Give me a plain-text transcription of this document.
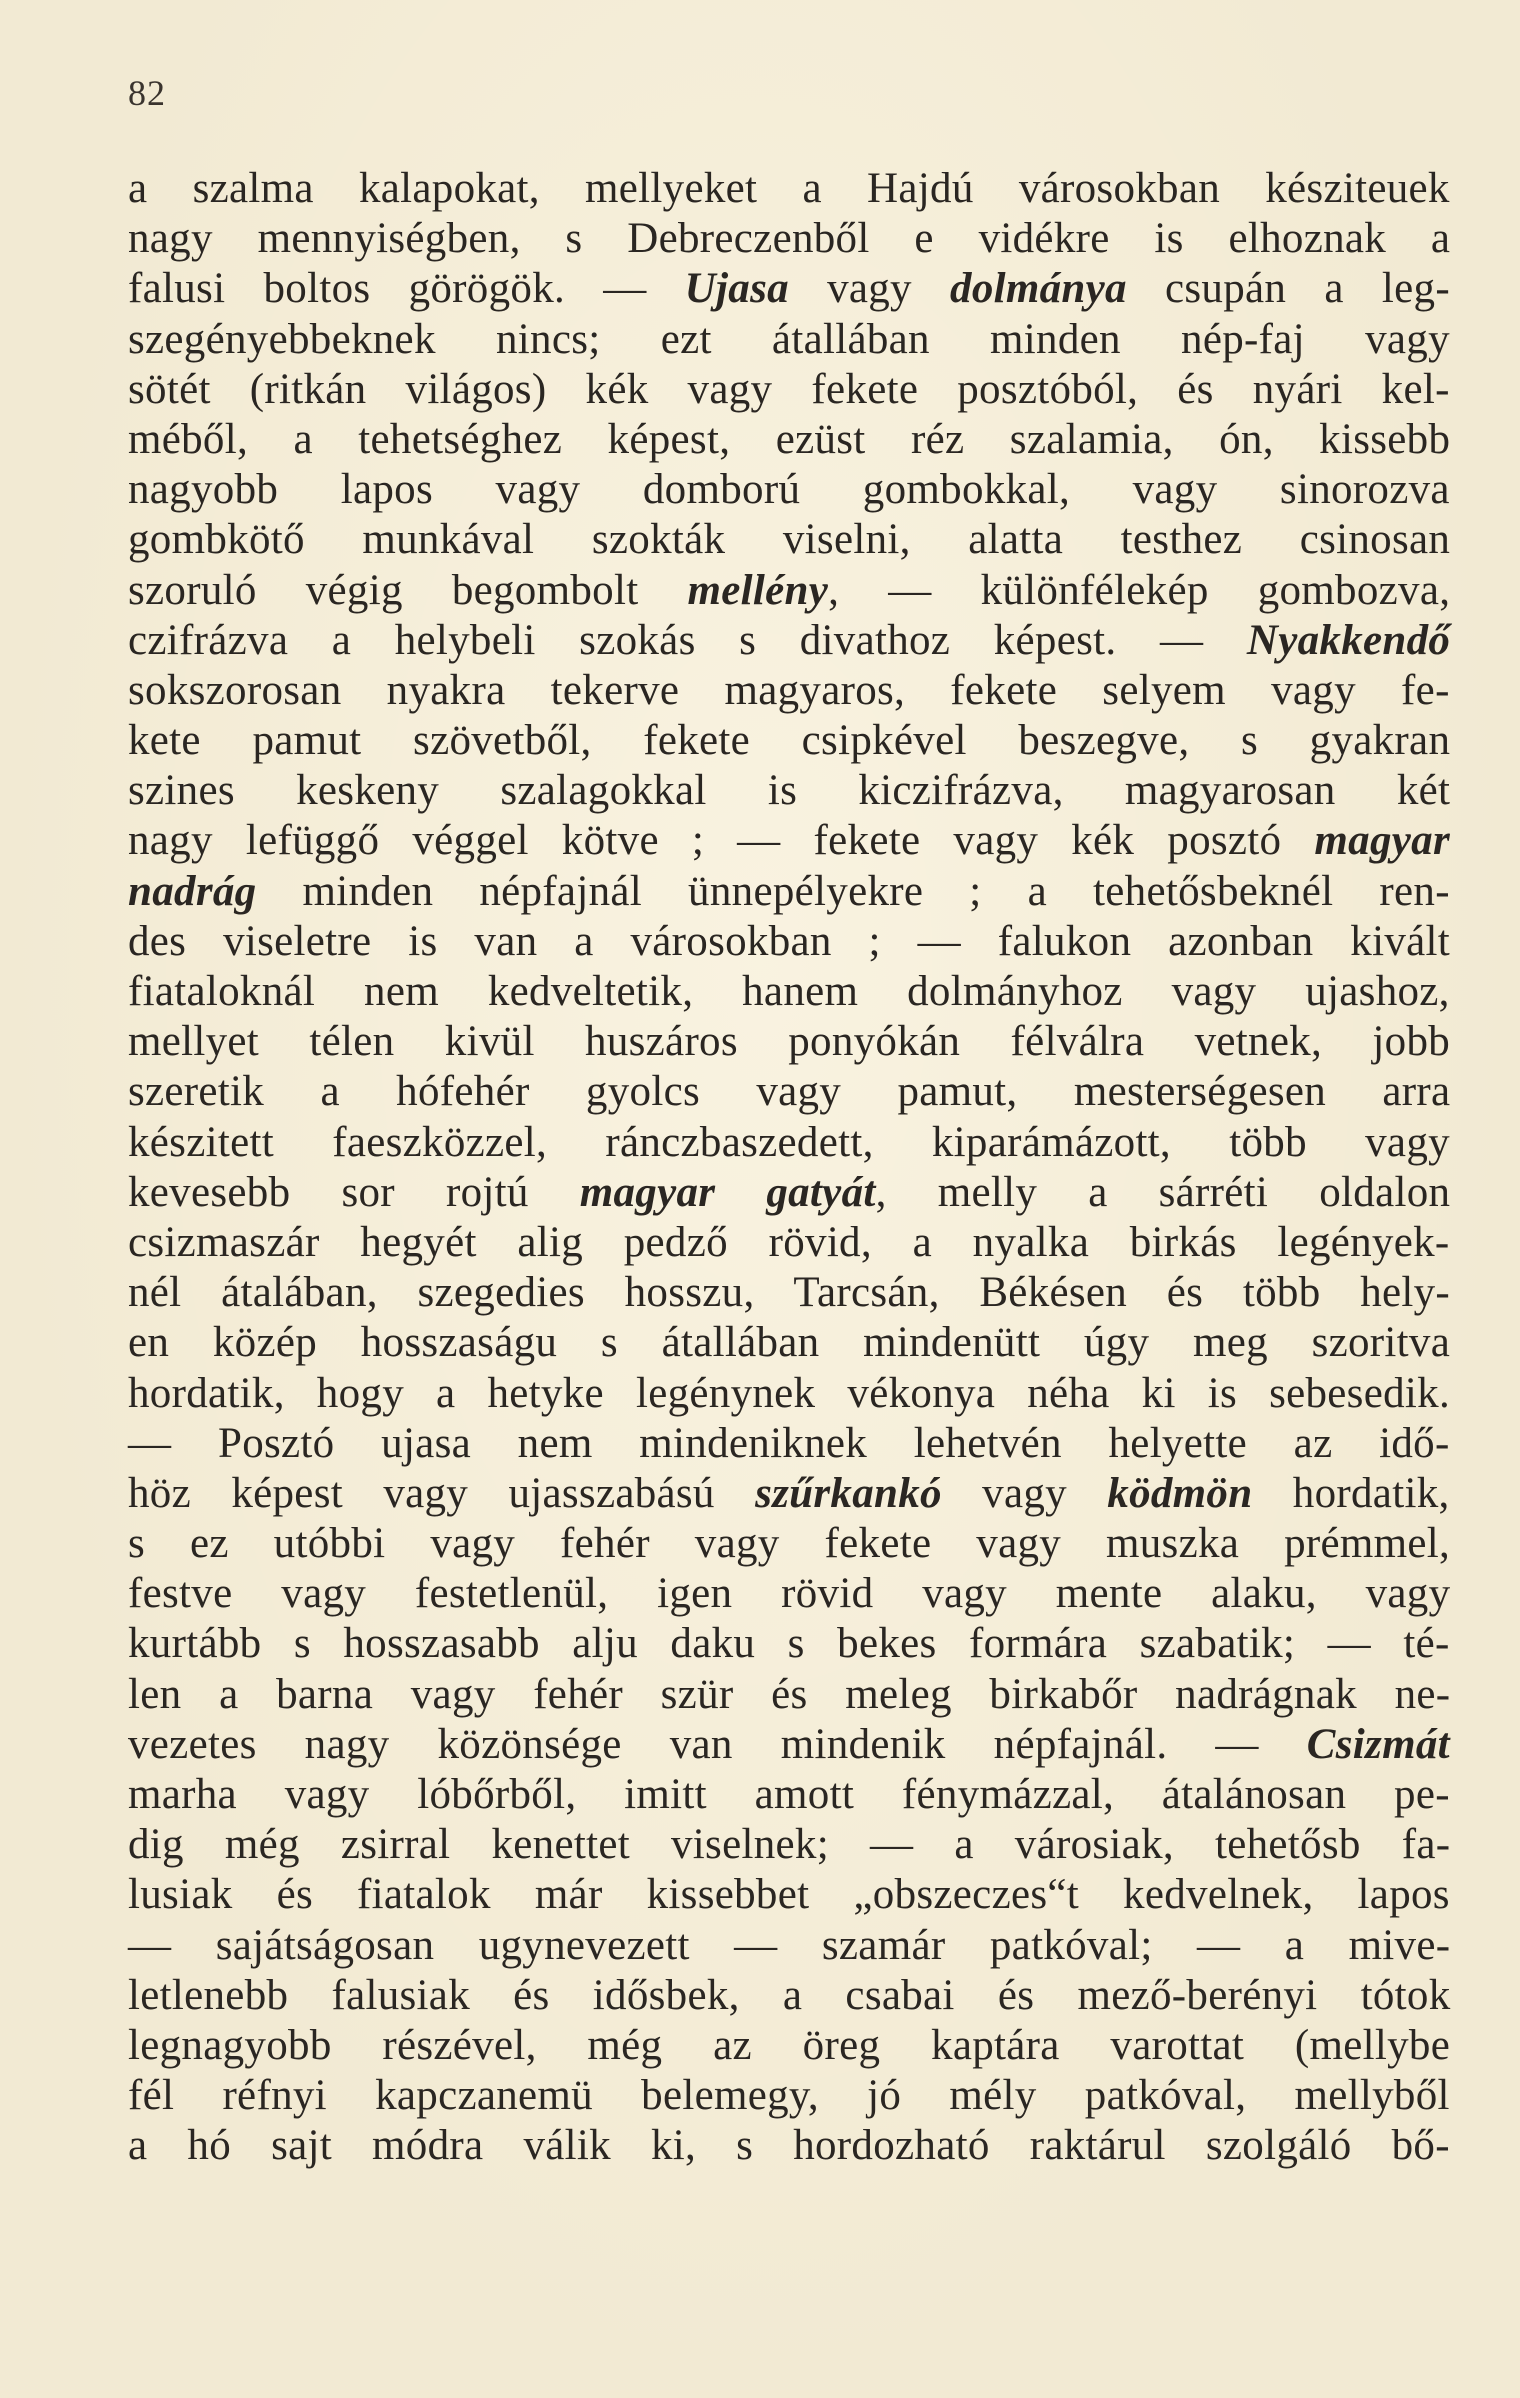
82
a szalma kalapokat, mellyeket a Hajdú városokban késziteuek
nagy mennyiségben, s Debreczenből e vidékre is elhoznak a
falusi boltos görögök. — Ujasa vagy dolmánya csupán a leg-
szegényebbeknek nincs; ezt átallában minden nép-faj vagy
sötét (ritkán világos) kék vagy fekete posztóból, és nyári kel-
méből, a tehetséghez képest, ezüst réz szalamia, ón, kissebb
nagyobb lapos vagy domború gombokkal, vagy sinorozva
gombkötő munkával szokták viselni, alatta testhez csinosan
szoruló végig begombolt mellény, — különfélekép gombozva,
czifrázva a helybeli szokás s divathoz képest. — Nyakkendő
sokszorosan nyakra tekerve magyaros, fekete selyem vagy fe-
kete pamut szövetből, fekete csipkével beszegve, s gyakran
szines keskeny szalagokkal is kiczifrázva, magyarosan két
nagy lefüggő véggel kötve ; — fekete vagy kék posztó magyar
nadrág minden népfajnál ünnepélyekre ; a tehetősbeknél ren-
des viseletre is van a városokban ; — falukon azonban kivált
fiataloknál nem kedveltetik, hanem dolmányhoz vagy ujashoz,
mellyet télen kivül huszáros ponyókán félválra vetnek, jobb
szeretik a hófehér gyolcs vagy pamut, mesterségesen arra
készitett faeszközzel, ránczbaszedett, kiparámázott, több vagy
kevesebb sor rojtú magyar gatyát, melly a sárréti oldalon
csizmaszár hegyét alig pedző rövid, a nyalka birkás legények-
nél átalában, szegedies hosszu, Tarcsán, Békésen és több hely-
en közép hosszaságu s átallában mindenütt úgy meg szoritva
hordatik, hogy a hetyke legénynek vékonya néha ki is sebesedik.
— Posztó ujasa nem mindeniknek lehetvén helyette az idő-
höz képest vagy ujasszabású szűrkankó vagy ködmön hordatik,
s ez utóbbi vagy fehér vagy fekete vagy muszka prémmel,
festve vagy festetlenül, igen rövid vagy mente alaku, vagy
kurtább s hosszasabb alju daku s bekes formára szabatik; — té-
len a barna vagy fehér szür és meleg birkabőr nadrágnak ne-
vezetes nagy közönsége van mindenik népfajnál. — Csizmát
marha vagy lóbőrből, imitt amott fénymázzal, átalánosan pe-
dig még zsirral kenettet viselnek; — a városiak, tehetősb fa-
lusiak és fiatalok már kissebbet „obszeczes“t kedvelnek, lapos
— sajátságosan ugynevezett — szamár patkóval; — a mive-
letlenebb falusiak és idősbek, a csabai és mező-berényi tótok
legnagyobb részével, még az öreg kaptára varottat (mellybe
fél réfnyi kapczanemü belemegy, jó mély patkóval, mellyből
a hó sajt módra válik ki, s hordozható raktárul szolgáló bő-
